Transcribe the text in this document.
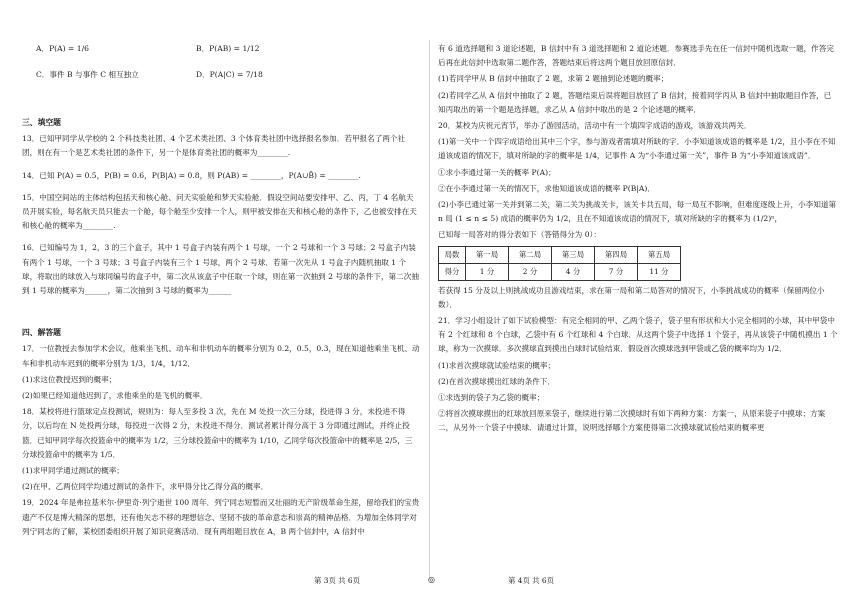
A．P(A) = 1/6	B．P(AB) = 1/12
C．事件 B 与事件 C 相互独立	D．P(A|C) = 7/18

三、填空题

13．已知甲同学从学校的 2 个科技类社团、4 个艺术类社团、3 个体育类社团中选择报名参加．若甲报名了两个社团，则在有一个是艺术类社团的条件下，另一个是体育类社团的概率为________.

14．已知 P(A) = 0.5，P(B) = 0.6，P(B|A) = 0.8，则 P(AB) = ________，P(A∪B̄) = ________.

15．中国空间站的主体结构包括天和核心舱、问天实验舱和梦天实验舱．假设空间站要安排甲、乙、丙，丁 4 名航天员开展实验，每名航天员只能去一个舱，每个舱至少安排一个人，则甲被安排在天和核心舱的条件下，乙也被安排在天和核心舱的概率为________.

16．已知编号为 1，2，3 的三个盒子，其中 1 号盒子内装有两个 1 号球，一个 2 号球和一个 3 号球；2 号盒子内装有两个 1 号球，一个 3 号球；3 号盒子内装有三个 1 号球，两个 2 号球．若第一次先从 1 号盒子内随机抽取 1 个球，将取出的球放入与球同编号的盒子中，第二次从该盒子中任取一个球，则在第一次抽到 2 号球的条件下，第二次抽到 1 号球的概率为______，第二次抽到 3 号球的概率为______

四、解答题

17．一位教授去参加学术会议，他乘坐飞机、动车和非机动车的概率分别为 0.2，0.5，0.3，现在知道他乘坐飞机、动车和非机动车迟到的概率分别为 1/3，1/4，1/12．

(1)求这位教授迟到的概率；

(2)如果已经知道他迟到了，求他乘坐的是飞机的概率．

18．某校将进行篮球定点投测试，规则为：每人至多投 3 次，先在 M 处投一次三分球，投进得 3 分，未投进不得分，以后均在 N 处投两分球，每投进一次得 2 分，未投进不得分．测试者累计得分高于 3 分即通过测试，并终止投篮．已知甲同学每次投篮命中的概率为 1/2，三分球投篮命中的概率为 1/10，乙同学每次投篮命中的概率是 2/5，三分球投篮命中的概率为 1/5．

(1)求甲同学通过测试的概率；

(2)在甲、乙两位同学均通过测试的条件下，求甲得分比乙得分高的概率．

19．2024 年是弗拉基米尔·伊里奇·列宁逝世 100 周年．列宁同志短暂而又壮丽的无产阶级革命生涯，留给我们的宝贵遗产不仅是博大精深的思想，还有他矢志不移的理想信念、坚韧不拔的革命意志和崇高的精神品格．为增加全体同学对列宁同志的了解，某校团委组织开展了知识竞赛活动．现有两组题目放在 A，B 两个信封中，A 信封中

有 6 道选择题和 3 道论述题，B 信封中有 3 道选择题和 2 道论述题．参赛选手先在任一信封中随机选取一题，作答完后再在此信封中选取第二题作答，答题结束后将这两个题目放回原信封．

(1)若同学甲从 B 信封中抽取了 2 题，求第 2 题抽到论述题的概率；

(2)若同学乙从 A 信封中抽取了 2 题，答题结束后误将题目放回了 B 信封，接着同学丙从 B 信封中抽取题目作答，已知丙取出的第一个题是选择题，求乙从 A 信封中取出的是 2 个论述题的概率．

20．某校为庆祝元宵节，举办了游园活动，活动中有一个填四字成语的游戏，该游戏共两关．

(1)第一关中一个四字成语给出其中三个字，参与游戏者需填对所缺的字．小李知道该成语的概率是 1/2，且小李在不知道该成语的情况下，填对所缺的字的概率是 1/4，记事件 A 为“小李通过第一关”，事件 B 为“小李知道该成语”．

①求小李通过第一关的概率 P(A)；

②在小李通过第一关的情况下，求他知道该成语的概率 P(B|A)．

(2)小李已通过第一关并到第二关，第二关为挑战关卡，该关卡共五局，每一局互不影响，但难度逐级上升，小李知道第 n 局 (1 ≤ n ≤ 5) 成语的概率仍为 1/2，且在不知道该成语的情况下，填对所缺的字的概率为 (1/2)ⁿ，

已知每一局答对的得分表如下（答错得分为 0）：

局数	第一局	第二局	第三局	第四局	第五局
得分	1 分	2 分	4 分	7 分	11 分

若获得 15 分及以上则挑战成功且游戏结束，求在第一局和第二局答对的情况下，小李挑战成功的概率（保留两位小数）．

21．学习小组设计了如下试验模型：有完全相同的甲、乙两个袋子，袋子里有形状和大小完全相同的小球，其中甲袋中有 2 个红球和 8 个白球，乙袋中有 6 个红球和 4 个白球．从这两个袋子中选择 1 个袋子，再从该袋子中随机摸出 1 个球，称为一次摸球．多次摸球直到摸出白球时试验结束．假设首次摸球选到甲袋或乙袋的概率均为 1/2．

(1)求首次摸球就试验结束的概率；

(2)在首次摸球摸出红球的条件下．

①求选到的袋子为乙袋的概率；

②将首次摸球摸出的红球放回原来袋子，继续进行第二次摸球时有如下两种方案：方案一，从原来袋子中摸球；方案二，从另外一个袋子中摸球．请通过计算，说明选择哪个方案使得第二次摸球就试验结束的概率更

第 3页 共 6页	◎	第 4页 共 6页
